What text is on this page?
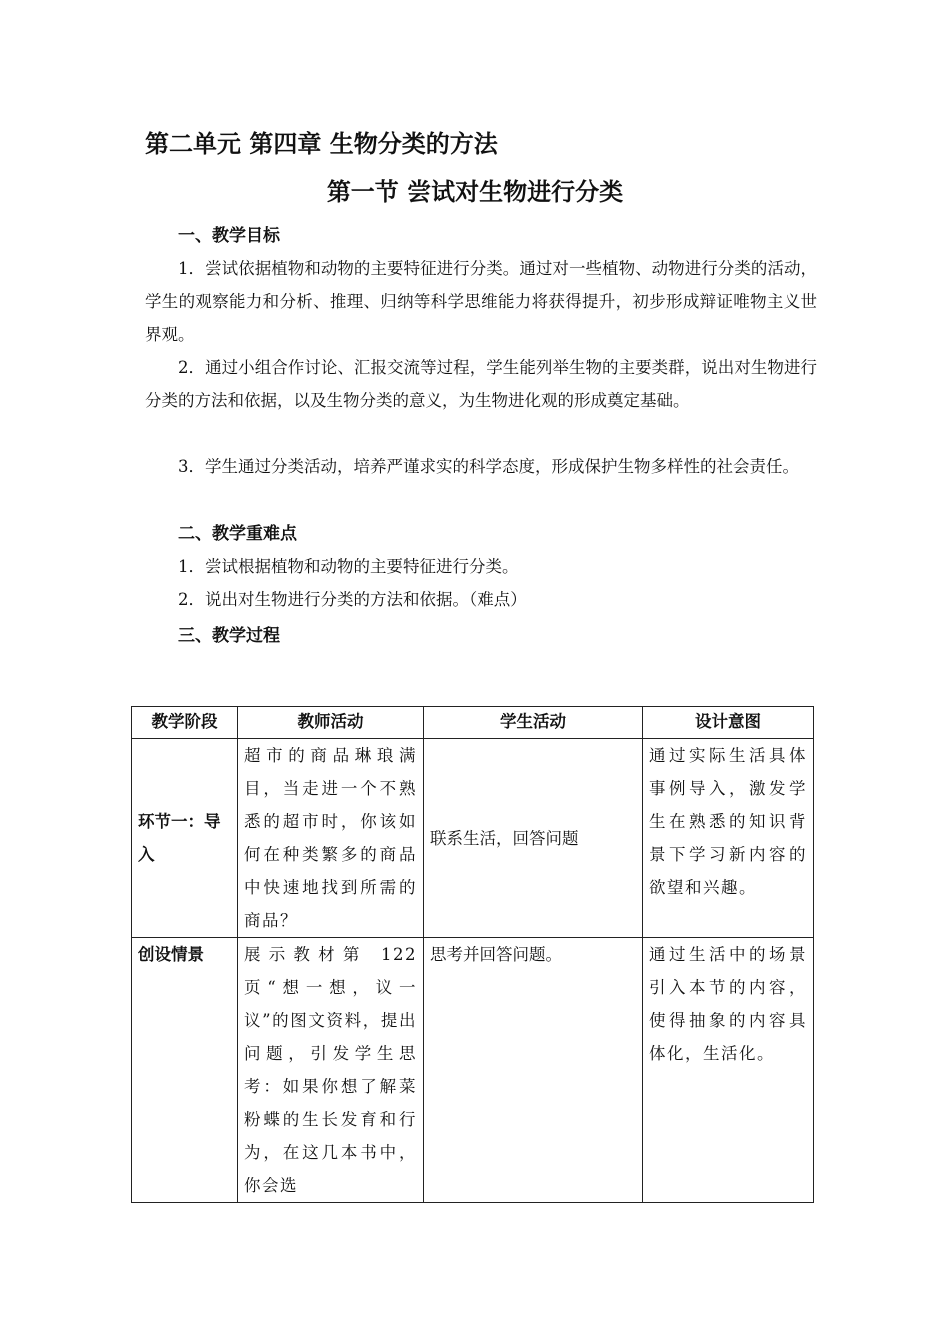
第二单元 第四章 生物分类的方法
第一节 尝试对生物进行分类
一、教学目标
1．尝试依据植物和动物的主要特征进行分类。通过对一些植物、动物进行分类的活动，学生的观察能力和分析、推理、归纳等科学思维能力将获得提升，初步形成辩证唯物主义世界观。
2．通过小组合作讨论、汇报交流等过程，学生能列举生物的主要类群，说出对生物进行分类的方法和依据，以及生物分类的意义，为生物进化观的形成奠定基础。
3．学生通过分类活动，培养严谨求实的科学态度，形成保护生物多样性的社会责任。
二、教学重难点
1．尝试根据植物和动物的主要特征进行分类。
2．说出对生物进行分类的方法和依据。（难点）
三、教学过程
教学阶段	教师活动	学生活动	设计意图
环节一：导入	超市的商品琳琅满目，当走进一个不熟悉的超市时，你该如何在种类繁多的商品中快速地找到所需的商品？	联系生活，回答问题	通过实际生活具体事例导入，激发学生在熟悉的知识背景下学习新内容的欲望和兴趣。
创设情景	展示教材第 122 页“想一想，议一议”的图文资料，提出问题，引发学生思考：如果你想了解菜粉蝶的生长发育和行为，在这几本书中，你会选	思考并回答问题。	通过生活中的场景引入本节的内容，使得抽象的内容具体化，生活化。
